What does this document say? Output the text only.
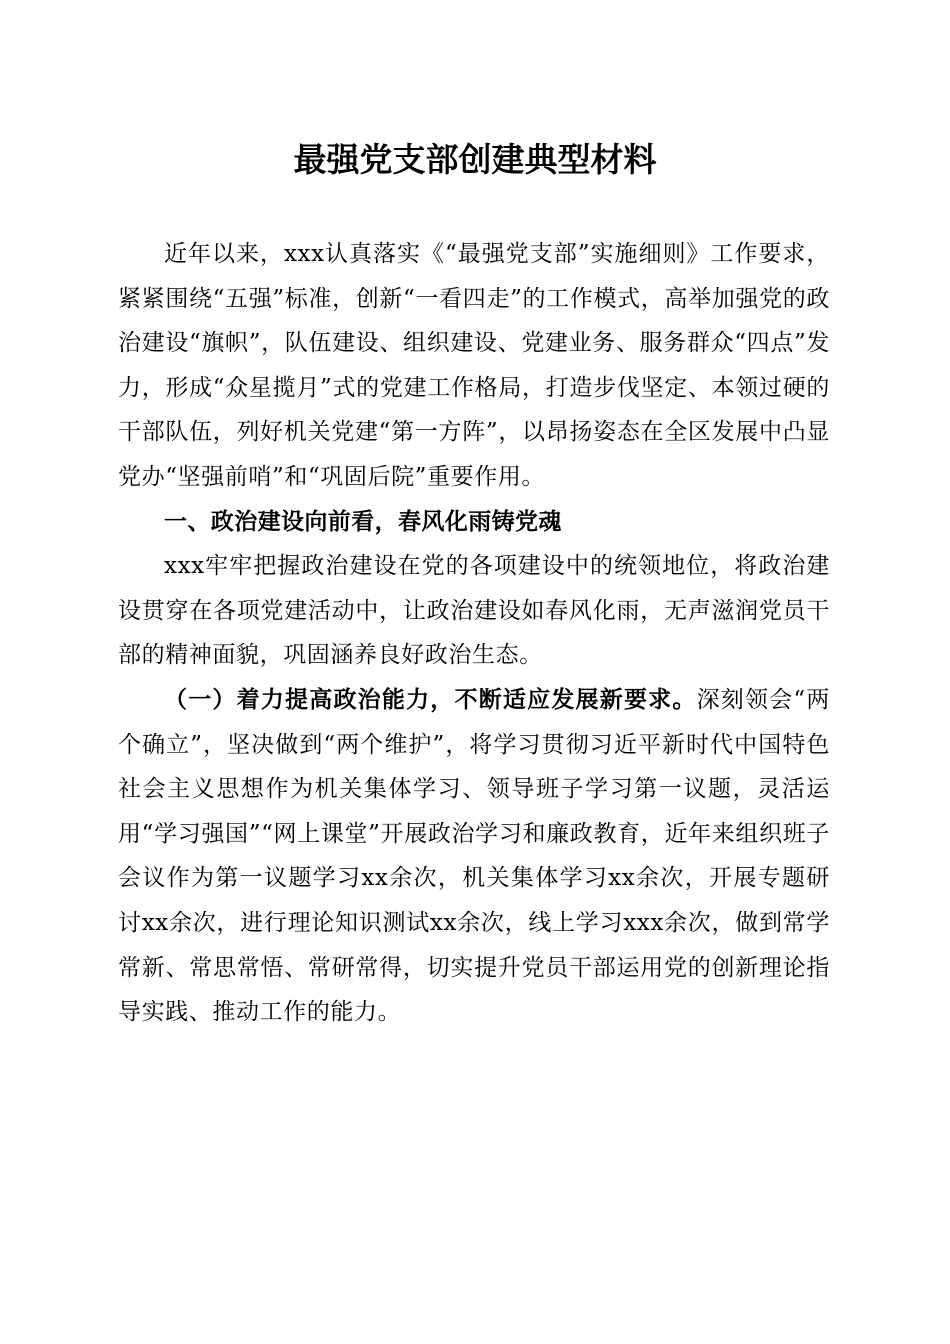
最强党支部创建典型材料

近年以来，xxx认真落实《“最强党支部”实施细则》工作要求，紧紧围绕“五强”标准，创新“一看四走”的工作模式，高举加强党的政治建设“旗帜”，队伍建设、组织建设、党建业务、服务群众“四点”发力，形成“众星揽月”式的党建工作格局，打造步伐坚定、本领过硬的干部队伍，列好机关党建“第一方阵”，以昂扬姿态在全区发展中凸显党办“坚强前哨”和“巩固后院”重要作用。

一、政治建设向前看，春风化雨铸党魂

xxx牢牢把握政治建设在党的各项建设中的统领地位，将政治建设贯穿在各项党建活动中，让政治建设如春风化雨，无声滋润党员干部的精神面貌，巩固涵养良好政治生态。

（一）着力提高政治能力，不断适应发展新要求。深刻领会“两个确立”，坚决做到“两个维护”，将学习贯彻习近平新时代中国特色社会主义思想作为机关集体学习、领导班子学习第一议题，灵活运用“学习强国”“网上课堂”开展政治学习和廉政教育，近年来组织班子会议作为第一议题学习xx余次，机关集体学习xx余次，开展专题研讨xx余次，进行理论知识测试xx余次，线上学习xxx余次，做到常学常新、常思常悟、常研常得，切实提升党员干部运用党的创新理论指导实践、推动工作的能力。
